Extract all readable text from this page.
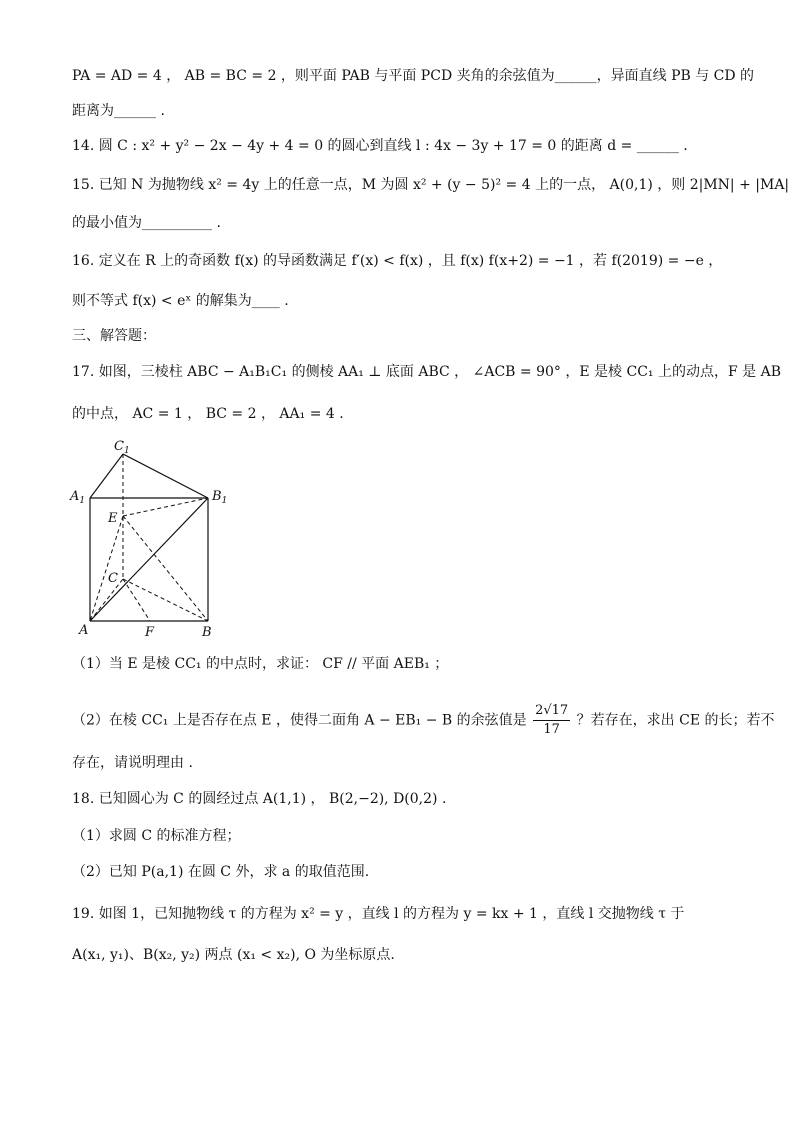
PA = AD = 4 ， AB = BC = 2 ，则平面 PAB 与平面 PCD 夹角的余弦值为______，异面直线 PB 与 CD 的
距离为______ .
14. 圆 C : x² + y² − 2x − 4y + 4 = 0 的圆心到直线 l : 4x − 3y + 17 = 0 的距离 d = ______ .
15. 已知 N 为抛物线 x² = 4y 上的任意一点，M 为圆 x² + (y − 5)² = 4 上的一点， A(0,1) ，则 2|MN| + |MA|
的最小值为__________ .
16. 定义在 R 上的奇函数 f(x) 的导函数满足 f′(x) < f(x) ，且 f(x) f(x+2) = −1 ，若 f(2019) = −e ，
则不等式 f(x) < eˣ 的解集为____ .
三、解答题：
17. 如图，三棱柱 ABC − A₁B₁C₁ 的侧棱 AA₁ ⊥ 底面 ABC ， ∠ACB = 90° ，E 是棱 CC₁ 上的动点，F 是 AB
的中点， AC = 1 ， BC = 2 ， AA₁ = 4 .
$C_1$
$A_1$	$B_1$
E
C
A	F	B
（1）当 E 是棱 CC₁ 的中点时，求证： CF // 平面 AEB₁ ；
（2）在棱 CC₁ 上是否存在点 E ，使得二面角 A − EB₁ − B 的余弦值是 $\frac{2√17}{17}$ ？若存在，求出 CE 的长；若不
存在，请说明理由 .
18. 已知圆心为 C 的圆经过点 A(1,1) ， B(2,−2), D(0,2) .
（1）求圆 C 的标准方程；
（2）已知 P(a,1) 在圆 C 外，求 a 的取值范围.
19. 如图 1，已知抛物线 τ 的方程为 x² = y ，直线 l 的方程为 y = kx + 1 ，直线 l 交抛物线 τ 于
A(x₁, y₁)、B(x₂, y₂) 两点 (x₁ < x₂), O 为坐标原点.
